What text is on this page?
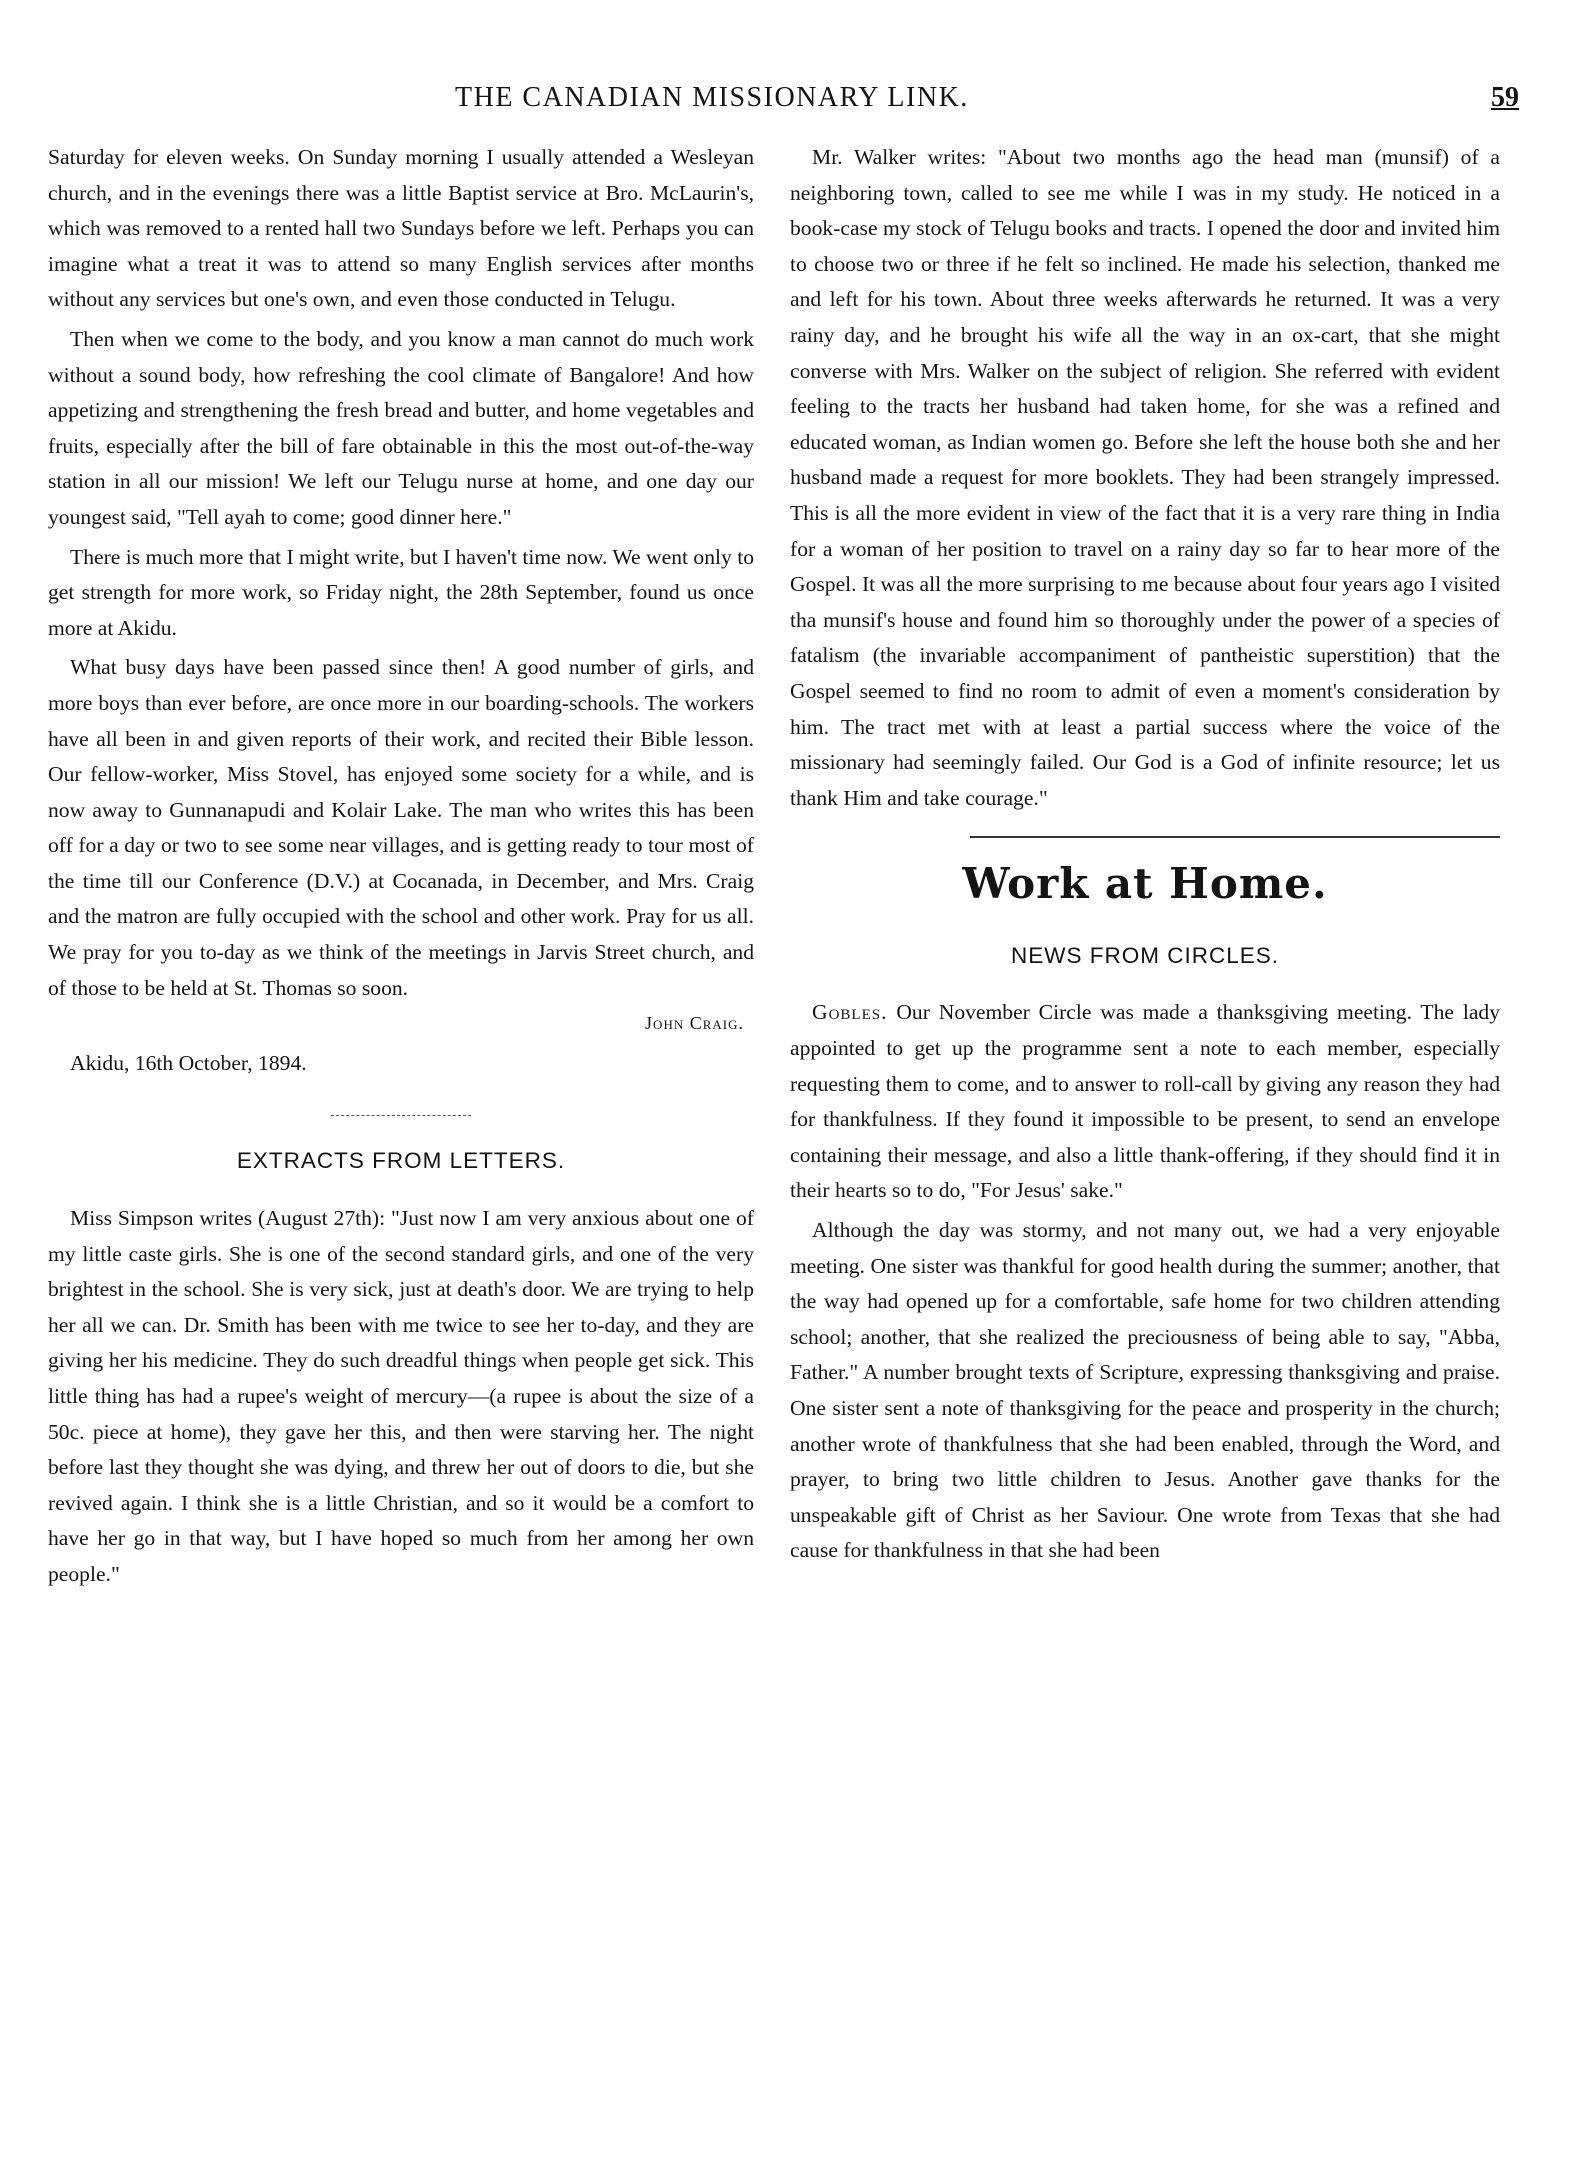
THE CANADIAN MISSIONARY LINK.	59

Saturday for eleven weeks. On Sunday morning I usually attended a Wesleyan church, and in the evenings there was a little Baptist service at Bro. McLaurin's, which was removed to a rented hall two Sundays before we left. Perhaps you can imagine what a treat it was to attend so many English services after months without any services but one's own, and even those conducted in Telugu.

Then when we come to the body, and you know a man cannot do much work without a sound body, how refreshing the cool climate of Bangalore! And how appetizing and strengthening the fresh bread and butter, and home vegetables and fruits, especially after the bill of fare obtainable in this the most out-of-the-way station in all our mission! We left our Telugu nurse at home, and one day our youngest said, "Tell ayah to come; good dinner here."

There is much more that I might write, but I haven't time now. We went only to get strength for more work, so Friday night, the 28th September, found us once more at Akidu.

What busy days have been passed since then! A good number of girls, and more boys than ever before, are once more in our boarding-schools. The workers have all been in and given reports of their work, and recited their Bible lesson. Our fellow-worker, Miss Stovel, has enjoyed some society for a while, and is now away to Gunnanapudi and Kolair Lake. The man who writes this has been off for a day or two to see some near villages, and is getting ready to tour most of the time till our Conference (D.V.) at Cocanada, in December, and Mrs. Craig and the matron are fully occupied with the school and other work. Pray for us all. We pray for you to-day as we think of the meetings in Jarvis Street church, and of those to be held at St. Thomas so soon.

John Craig.
Akidu, 16th October, 1894.
EXTRACTS FROM LETTERS.

Miss Simpson writes (August 27th): "Just now I am very anxious about one of my little caste girls. She is one of the second standard girls, and one of the very brightest in the school. She is very sick, just at death's door. We are trying to help her all we can. Dr. Smith has been with me twice to see her to-day, and they are giving her his medicine. They do such dreadful things when people get sick. This little thing has had a rupee's weight of mercury—(a rupee is about the size of a 50c. piece at home), they gave her this, and then were starving her. The night before last they thought she was dying, and threw her out of doors to die, but she revived again. I think she is a little Christian, and so it would be a comfort to have her go in that way, but I have hoped so much from her among her own people."

Mr. Walker writes: "About two months ago the head man (munsif) of a neighboring town, called to see me while I was in my study. He noticed in a book-case my stock of Telugu books and tracts. I opened the door and invited him to choose two or three if he felt so inclined. He made his selection, thanked me and left for his town. About three weeks afterwards he returned. It was a very rainy day, and he brought his wife all the way in an ox-cart, that she might converse with Mrs. Walker on the subject of religion. She referred with evident feeling to the tracts her husband had taken home, for she was a refined and educated woman, as Indian women go. Before she left the house both she and her husband made a request for more booklets. They had been strangely impressed. This is all the more evident in view of the fact that it is a very rare thing in India for a woman of her position to travel on a rainy day so far to hear more of the Gospel. It was all the more surprising to me because about four years ago I visited tha munsif's house and found him so thoroughly under the power of a species of fatalism (the invariable accompaniment of pantheistic superstition) that the Gospel seemed to find no room to admit of even a moment's consideration by him. The tract met with at least a partial success where the voice of the missionary had seemingly failed. Our God is a God of infinite resource; let us thank Him and take courage."

Work at Home.
NEWS FROM CIRCLES.

Gobles. Our November Circle was made a thanksgiving meeting. The lady appointed to get up the programme sent a note to each member, especially requesting them to come, and to answer to roll-call by giving any reason they had for thankfulness. If they found it impossible to be present, to send an envelope containing their message, and also a little thank-offering, if they should find it in their hearts so to do, "For Jesus' sake."

Although the day was stormy, and not many out, we had a very enjoyable meeting. One sister was thankful for good health during the summer; another, that the way had opened up for a comfortable, safe home for two children attending school; another, that she realized the preciousness of being able to say, "Abba, Father." A number brought texts of Scripture, expressing thanksgiving and praise. One sister sent a note of thanksgiving for the peace and prosperity in the church; another wrote of thankfulness that she had been enabled, through the Word, and prayer, to bring two little children to Jesus. Another gave thanks for the unspeakable gift of Christ as her Saviour. One wrote from Texas that she had cause for thankfulness in that she had been
